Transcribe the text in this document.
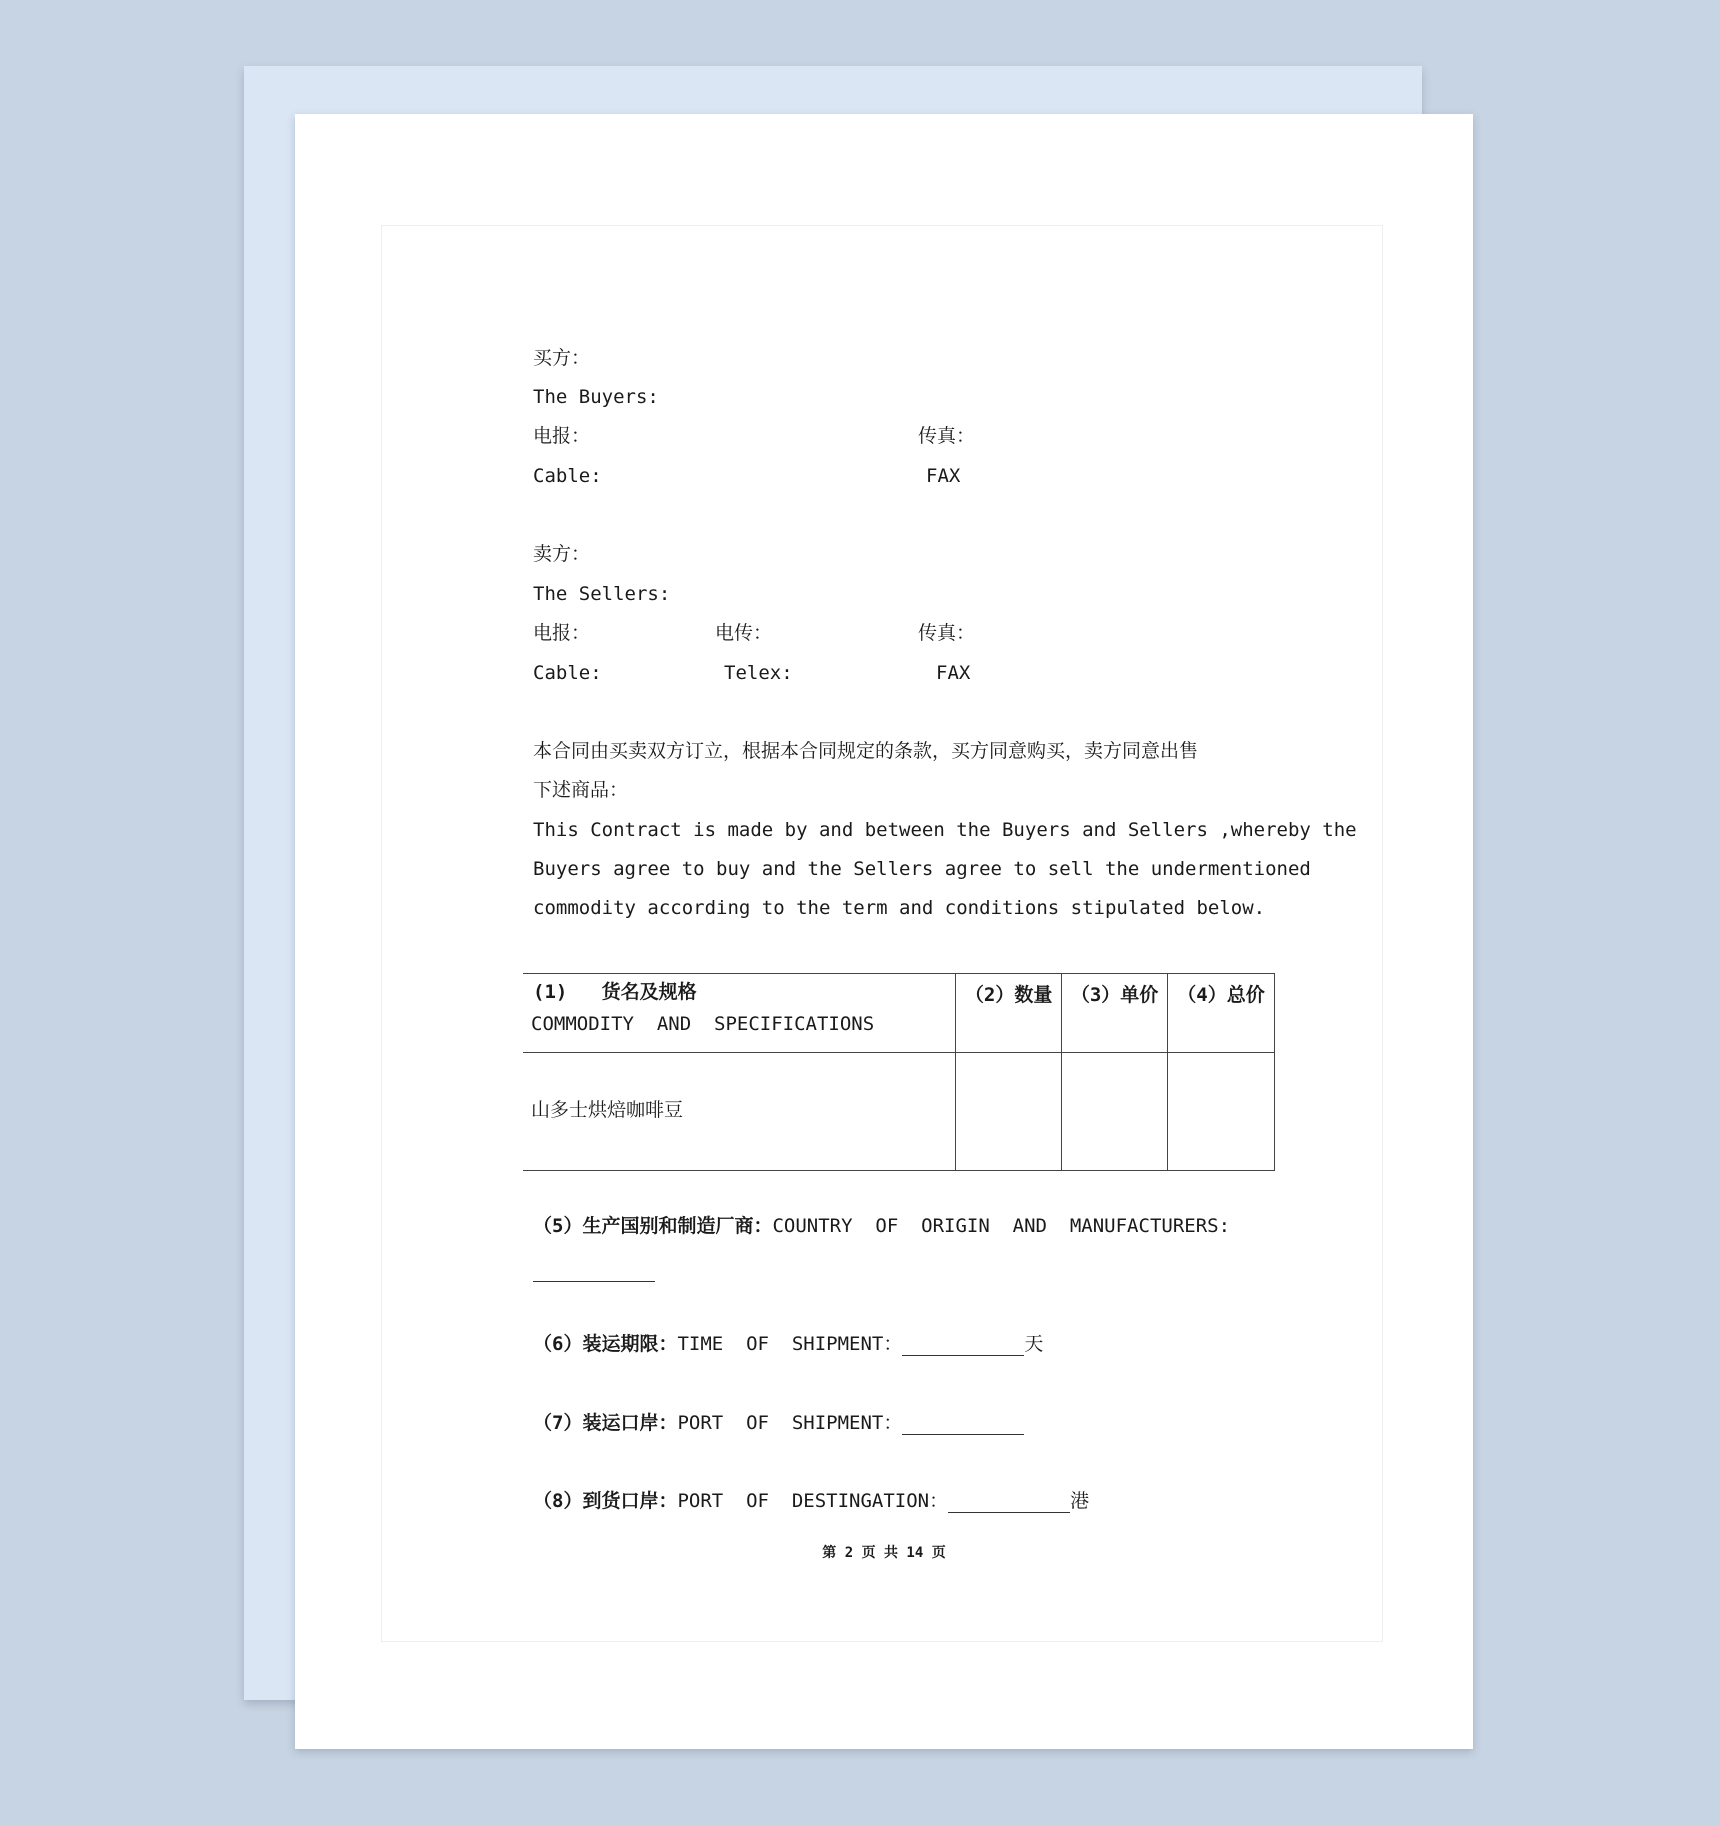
买方：
The Buyers:
电报：	传真：
Cable:	FAX
卖方：
The Sellers:
电报：	电传：	传真：
Cable:	Telex:	FAX
本合同由买卖双方订立，根据本合同规定的条款，买方同意购买，卖方同意出售
下述商品：
This Contract is made by and between the Buyers and Sellers ,whereby the
Buyers agree to buy and the Sellers agree to sell the undermentioned
commodity according to the term and conditions stipulated below.
(1)   货名及规格
COMMODITY  AND  SPECIFICATIONS	（2）数量	（3）单价	（4）总价

山多士烘焙咖啡豆			

（5）生产国别和制造厂商：COUNTRY  OF  ORIGIN  AND  MANUFACTURERS:
（6）装运期限：TIME  OF  SHIPMENT：	天
（7）装运口岸：PORT  OF  SHIPMENT：
（8）到货口岸：PORT  OF  DESTINGATION：	港
第 2 页 共 14 页
